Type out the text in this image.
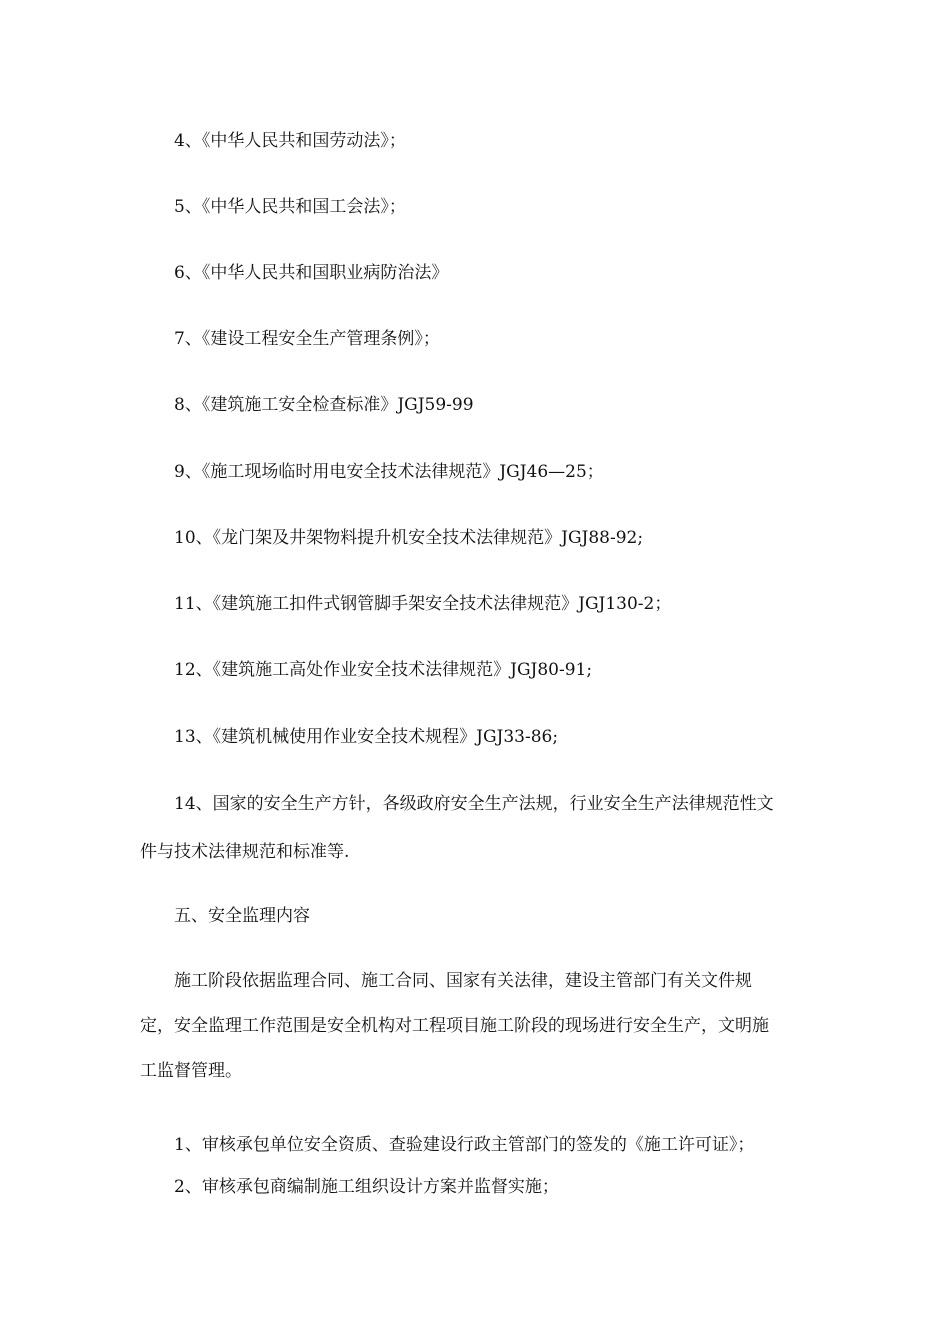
4、《中华人民共和国劳动法》；
5、《中华人民共和国工会法》；
6、《中华人民共和国职业病防治法》
7、《建设工程安全生产管理条例》；
8、《建筑施工安全检查标准》JGJ59-99
9、《施工现场临时用电安全技术法律规范》JGJ46—25；
10、《龙门架及井架物料提升机安全技术法律规范》JGJ88-92;
11、《建筑施工扣件式钢管脚手架安全技术法律规范》JGJ130-2；
12、《建筑施工高处作业安全技术法律规范》JGJ80-91;
13、《建筑机械使用作业安全技术规程》JGJ33-86;
14、国家的安全生产方针，各级政府安全生产法规，行业安全生产法律规范性文
件与技术法律规范和标准等.
五、安全监理内容
施工阶段依据监理合同、施工合同、国家有关法律，建设主管部门有关文件规
定，安全监理工作范围是安全机构对工程项目施工阶段的现场进行安全生产，文明施
工监督管理。
1、审核承包单位安全资质、查验建设行政主管部门的签发的《施工许可证》；
2、审核承包商编制施工组织设计方案并监督实施；
